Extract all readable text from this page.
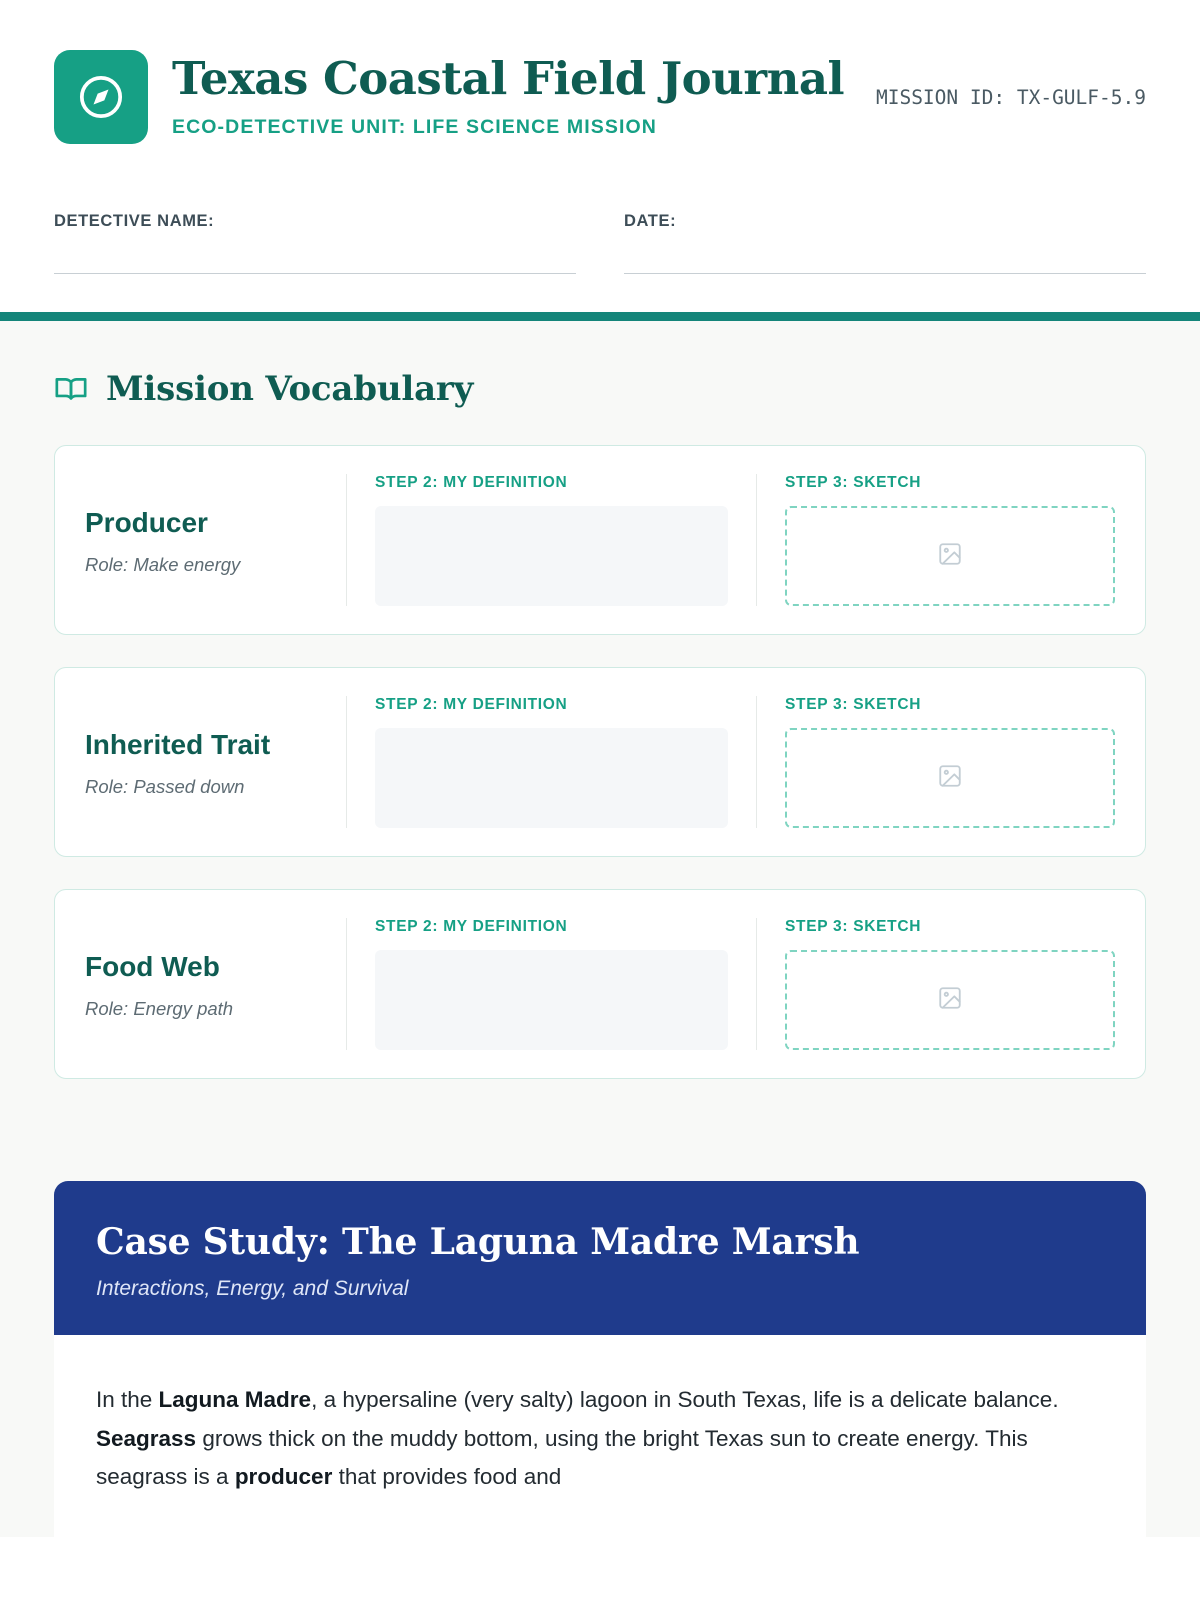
Texas Coastal Field Journal
ECO-DETECTIVE UNIT: LIFE SCIENCE MISSION
MISSION ID: TX-GULF-5.9
DETECTIVE NAME:	DATE:
Mission Vocabulary
Producer
Role: Make energy
STEP 2: MY DEFINITION	STEP 3: SKETCH
Inherited Trait
Role: Passed down
STEP 2: MY DEFINITION	STEP 3: SKETCH
Food Web
Role: Energy path
STEP 2: MY DEFINITION	STEP 3: SKETCH
Case Study: The Laguna Madre Marsh
Interactions, Energy, and Survival

In the Laguna Madre, a hypersaline (very salty) lagoon in South Texas, life is a delicate balance. Seagrass grows thick on the muddy bottom, using the bright Texas sun to create energy. This seagrass is a producer that provides food and
